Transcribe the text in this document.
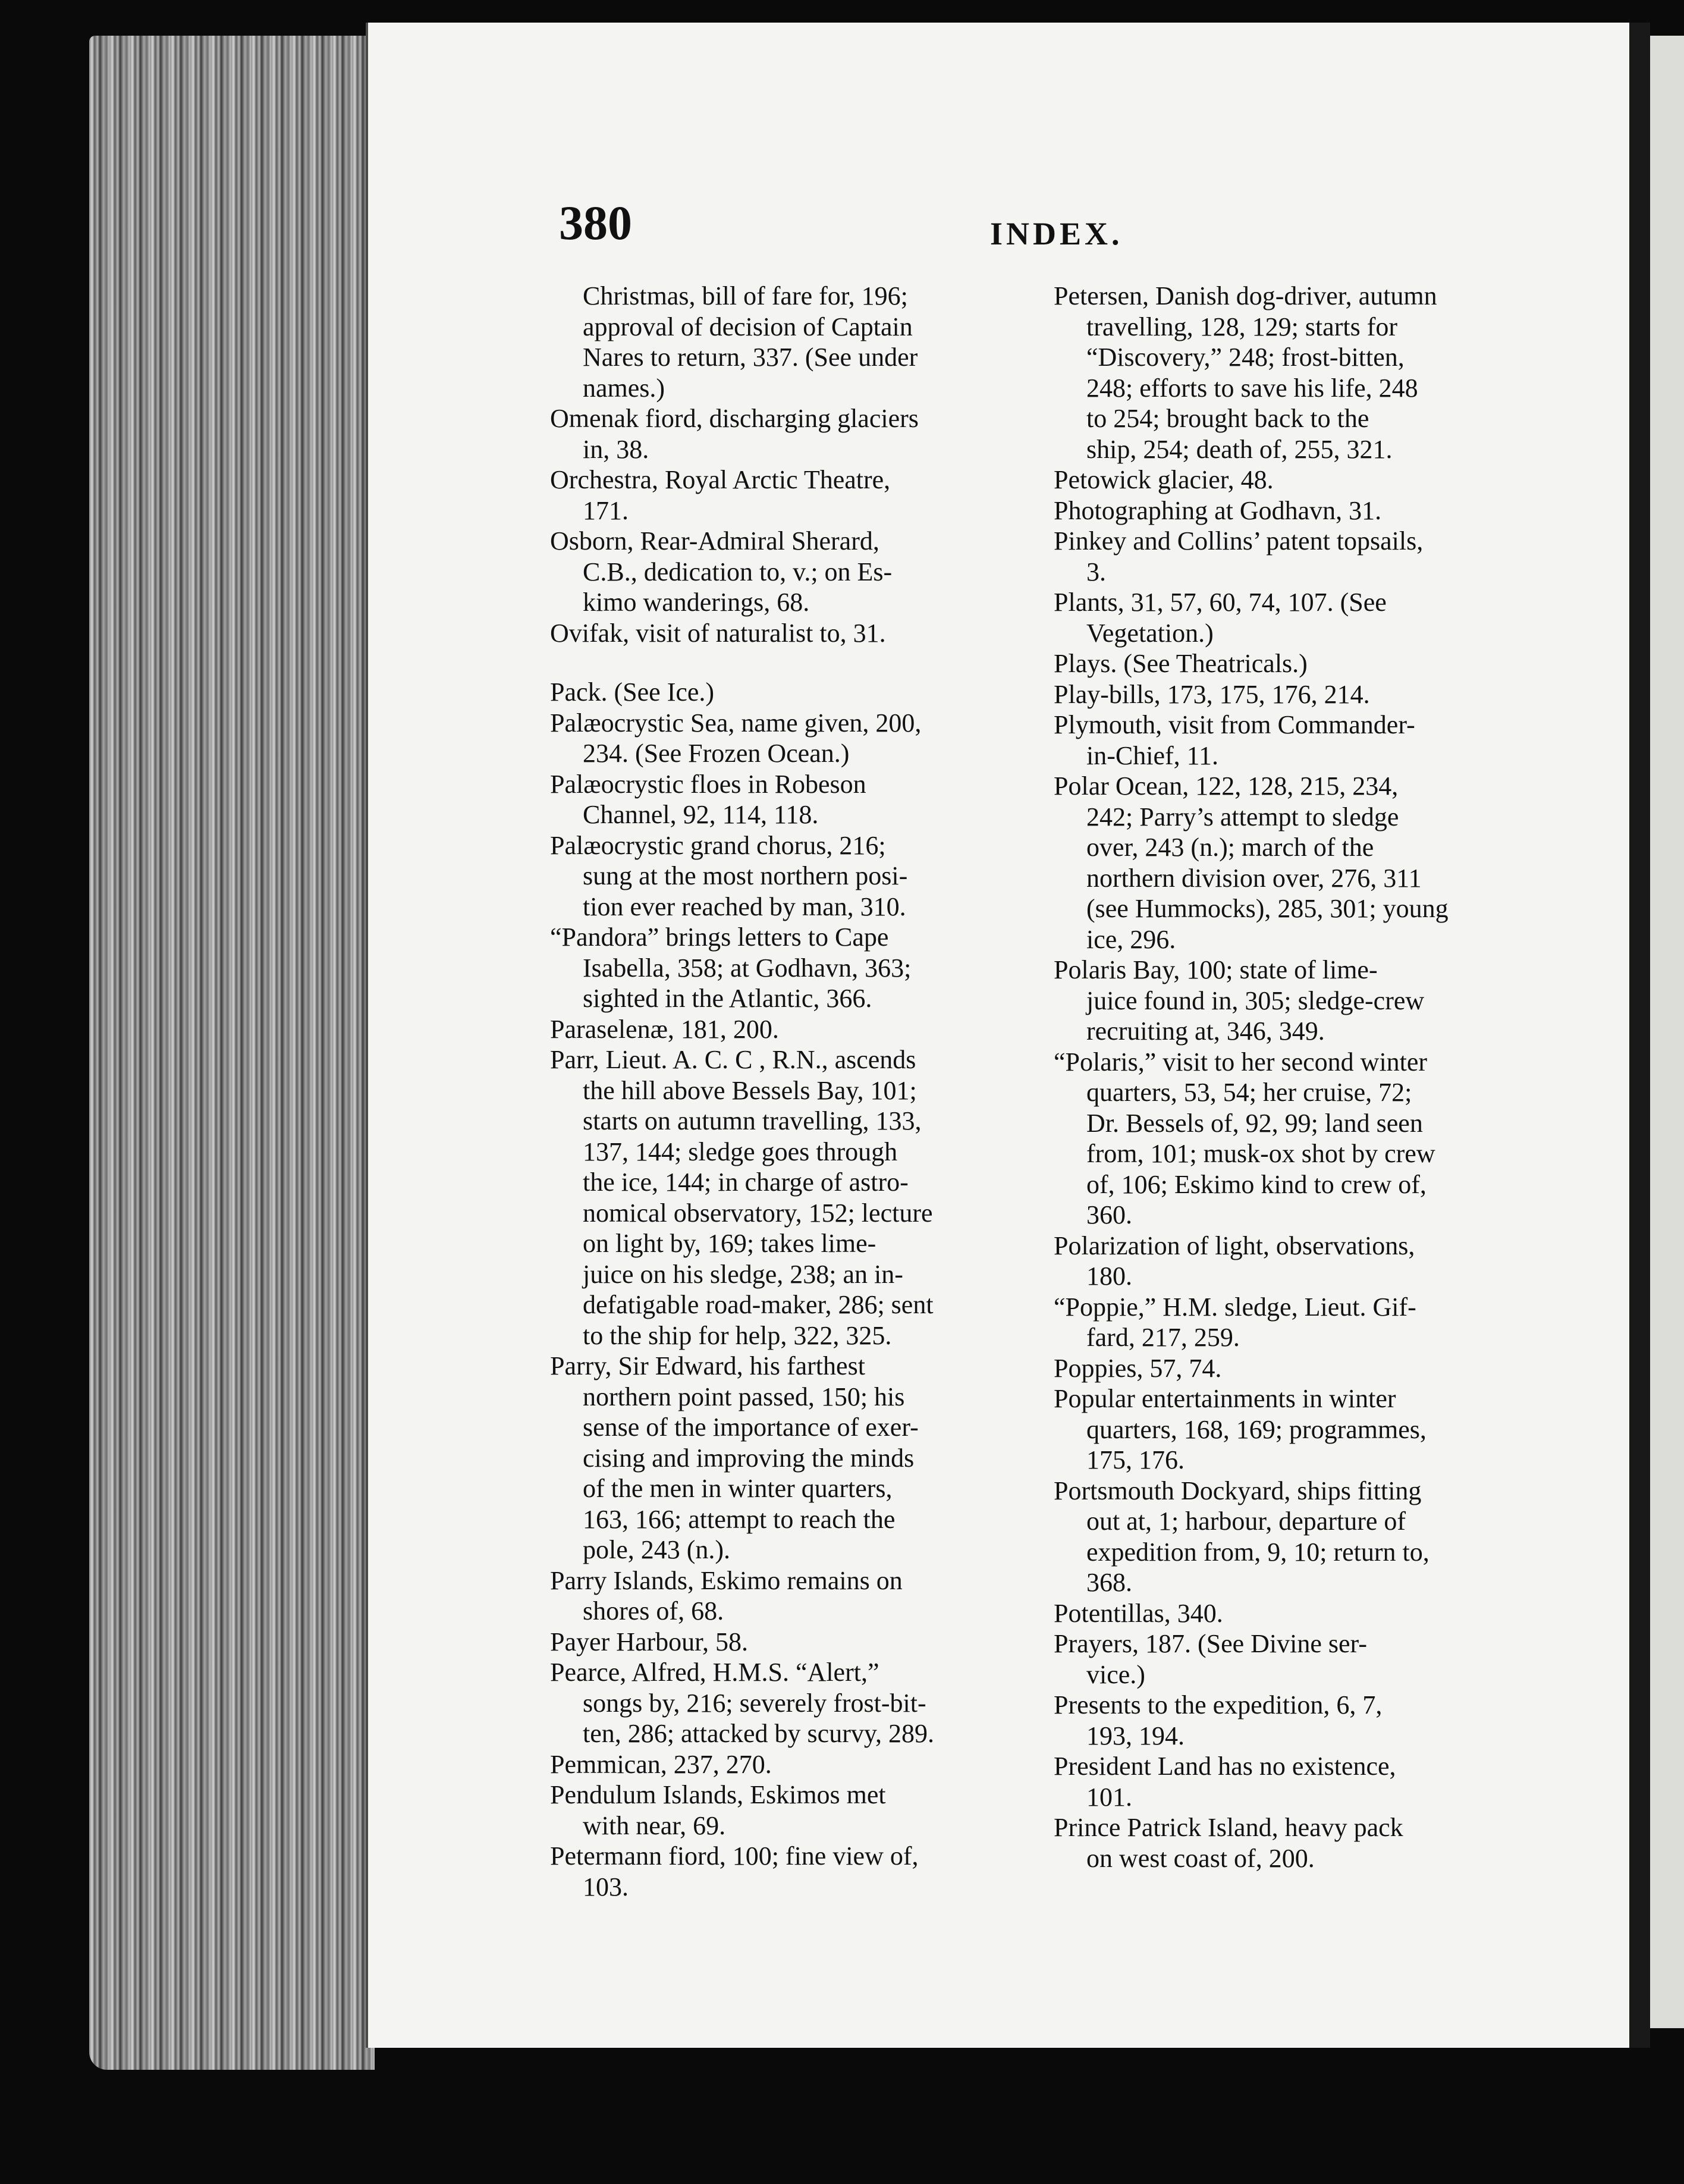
380	INDEX.
Christmas, bill of fare for, 196;
approval of decision of Captain
Nares to return, 337. (See under
names.)
Omenak fiord, discharging glaciers
in, 38.
Orchestra, Royal Arctic Theatre,
171.
Osborn, Rear-Admiral Sherard,
C.B., dedication to, v.; on Es-
kimo wanderings, 68.
Ovifak, visit of naturalist to, 31.
Pack. (See Ice.)
Palæocrystic Sea, name given, 200,
234. (See Frozen Ocean.)
Palæocrystic floes in Robeson
Channel, 92, 114, 118.
Palæocrystic grand chorus, 216;
sung at the most northern posi-
tion ever reached by man, 310.
“Pandora” brings letters to Cape
Isabella, 358; at Godhavn, 363;
sighted in the Atlantic, 366.
Paraselenæ, 181, 200.
Parr, Lieut. A. C. C , R.N., ascends
the hill above Bessels Bay, 101;
starts on autumn travelling, 133,
137, 144; sledge goes through
the ice, 144; in charge of astro-
nomical observatory, 152; lecture
on light by, 169; takes lime-
juice on his sledge, 238; an in-
defatigable road-maker, 286; sent
to the ship for help, 322, 325.
Parry, Sir Edward, his farthest
northern point passed, 150; his
sense of the importance of exer-
cising and improving the minds
of the men in winter quarters,
163, 166; attempt to reach the
pole, 243 (n.).
Parry Islands, Eskimo remains on
shores of, 68.
Payer Harbour, 58.
Pearce, Alfred, H.M.S. “Alert,”
songs by, 216; severely frost-bit-
ten, 286; attacked by scurvy, 289.
Pemmican, 237, 270.
Pendulum Islands, Eskimos met
with near, 69.
Petermann fiord, 100; fine view of,
103.
Petersen, Danish dog-driver, autumn
travelling, 128, 129; starts for
“Discovery,” 248; frost-bitten,
248; efforts to save his life, 248
to 254; brought back to the
ship, 254; death of, 255, 321.
Petowick glacier, 48.
Photographing at Godhavn, 31.
Pinkey and Collins’ patent topsails,
3.
Plants, 31, 57, 60, 74, 107. (See
Vegetation.)
Plays. (See Theatricals.)
Play-bills, 173, 175, 176, 214.
Plymouth, visit from Commander-
in-Chief, 11.
Polar Ocean, 122, 128, 215, 234,
242; Parry’s attempt to sledge
over, 243 (n.); march of the
northern division over, 276, 311
(see Hummocks), 285, 301; young
ice, 296.
Polaris Bay, 100; state of lime-
juice found in, 305; sledge-crew
recruiting at, 346, 349.
“Polaris,” visit to her second winter
quarters, 53, 54; her cruise, 72;
Dr. Bessels of, 92, 99; land seen
from, 101; musk-ox shot by crew
of, 106; Eskimo kind to crew of,
360.
Polarization of light, observations,
180.
“Poppie,” H.M. sledge, Lieut. Gif-
fard, 217, 259.
Poppies, 57, 74.
Popular entertainments in winter
quarters, 168, 169; programmes,
175, 176.
Portsmouth Dockyard, ships fitting
out at, 1; harbour, departure of
expedition from, 9, 10; return to,
368.
Potentillas, 340.
Prayers, 187. (See Divine ser-
vice.)
Presents to the expedition, 6, 7,
193, 194.
President Land has no existence,
101.
Prince Patrick Island, heavy pack
on west coast of, 200.
